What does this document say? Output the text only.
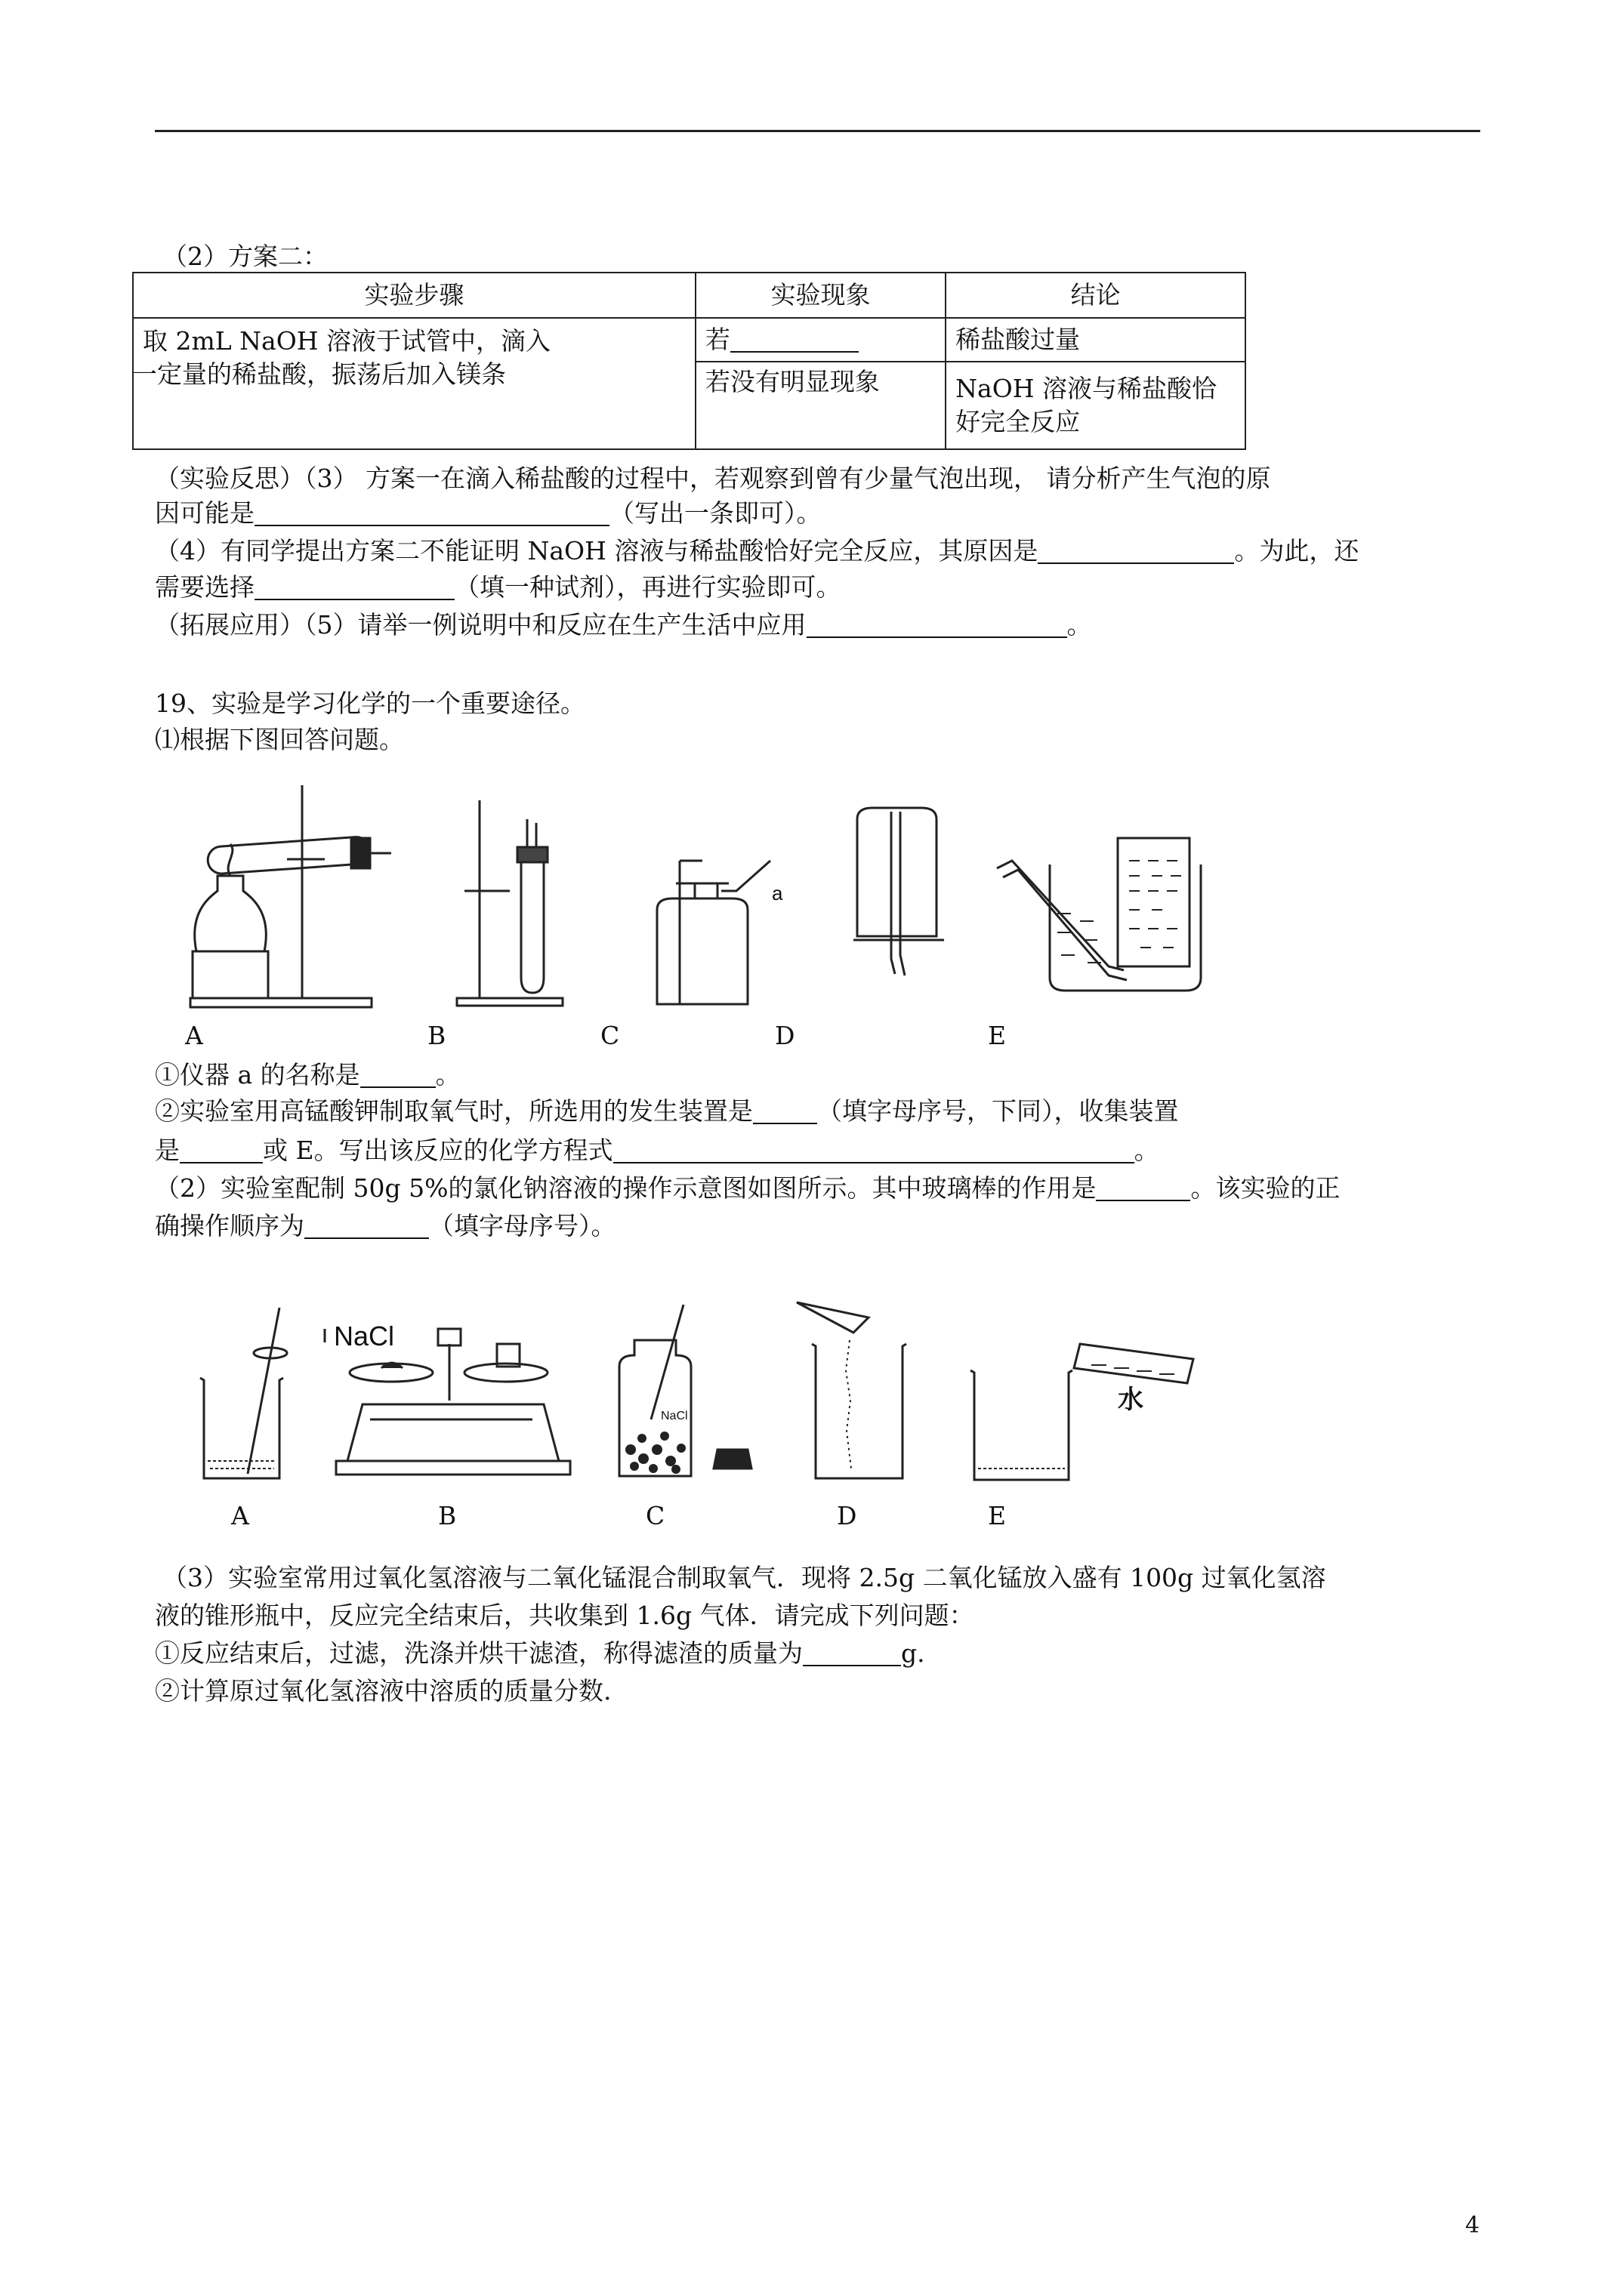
（2）方案二：
实验步骤	实验现象	结论

取 2mL NaOH 溶液于试管中，滴入
一定量的稀盐酸，振荡后加入镁条	若	稀盐酸过量
	若没有明显现象	NaOH 溶液与稀盐酸恰
好完全反应
（实验反思）（3） 方案一在滴入稀盐酸的过程中，若观察到曾有少量气泡出现， 请分析产生气泡的原
因可能是	（写出一条即可）。
（4）有同学提出方案二不能证明 NaOH 溶液与稀盐酸恰好完全反应，其原因是	。为此，还
需要选择	（填一种试剂），再进行实验即可。
（拓展应用）（5）请举一例说明中和反应在生产生活中应用	。
19、实验是学习化学的一个重要途径。
⑴根据下图回答问题。
a
A	B	C	D	E
①仪器 a 的名称是	。
②实验室用高锰酸钾制取氧气时，所选用的发生装置是	（填字母序号，下同），收集装置
是	或 E。写出该反应的化学方程式	。
（2）实验室配制 50g 5%的氯化钠溶液的操作示意图如图所示。其中玻璃棒的作用是	。该实验的正
确操作顺序为	（填字母序号）。
NaCl
NaCl
水
A	B	C	D	E
（3）实验室常用过氧化氢溶液与二氧化锰混合制取氧气．现将 2.5g 二氧化锰放入盛有 100g 过氧化氢溶
液的锥形瓶中，反应完全结束后，共收集到 1.6g 气体．请完成下列问题：
①反应结束后，过滤，洗涤并烘干滤渣，称得滤渣的质量为	g.
②计算原过氧化氢溶液中溶质的质量分数.
4
